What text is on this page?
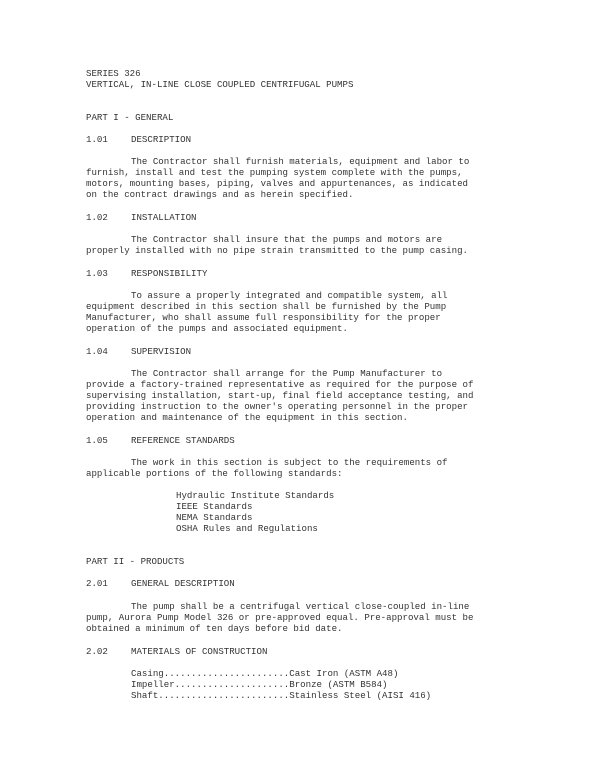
SERIES 326
VERTICAL, IN-LINE CLOSE COUPLED CENTRIFUGAL PUMPS
PART I - GENERAL
1.01	DESCRIPTION
The Contractor shall furnish materials, equipment and labor to
furnish, install and test the pumping system complete with the pumps,
motors, mounting bases, piping, valves and appurtenances, as indicated
on the contract drawings and as herein specified.
1.02	INSTALLATION
The Contractor shall insure that the pumps and motors are
properly installed with no pipe strain transmitted to the pump casing.
1.03	RESPONSIBILITY
To assure a properly integrated and compatible system, all
equipment described in this section shall be furnished by the Pump
Manufacturer, who shall assume full responsibility for the proper
operation of the pumps and associated equipment.
1.04	SUPERVISION
The Contractor shall arrange for the Pump Manufacturer to
provide a factory-trained representative as required for the purpose of
supervising installation, start-up, final field acceptance testing, and
providing instruction to the owner's operating personnel in the proper
operation and maintenance of the equipment in this section.
1.05	REFERENCE STANDARDS
The work in this section is subject to the requirements of
applicable portions of the following standards:
Hydraulic Institute Standards
IEEE Standards
NEMA Standards
OSHA Rules and Regulations
PART II - PRODUCTS
2.01	GENERAL DESCRIPTION
The pump shall be a centrifugal vertical close-coupled in-line
pump, Aurora Pump Model 326 or pre-approved equal. Pre-approval must be
obtained a minimum of ten days before bid date.
2.02	MATERIALS OF CONSTRUCTION
Casing.......................Cast Iron (ASTM A48)
Impeller.....................Bronze (ASTM B584)
Shaft........................Stainless Steel (AISI 416)
